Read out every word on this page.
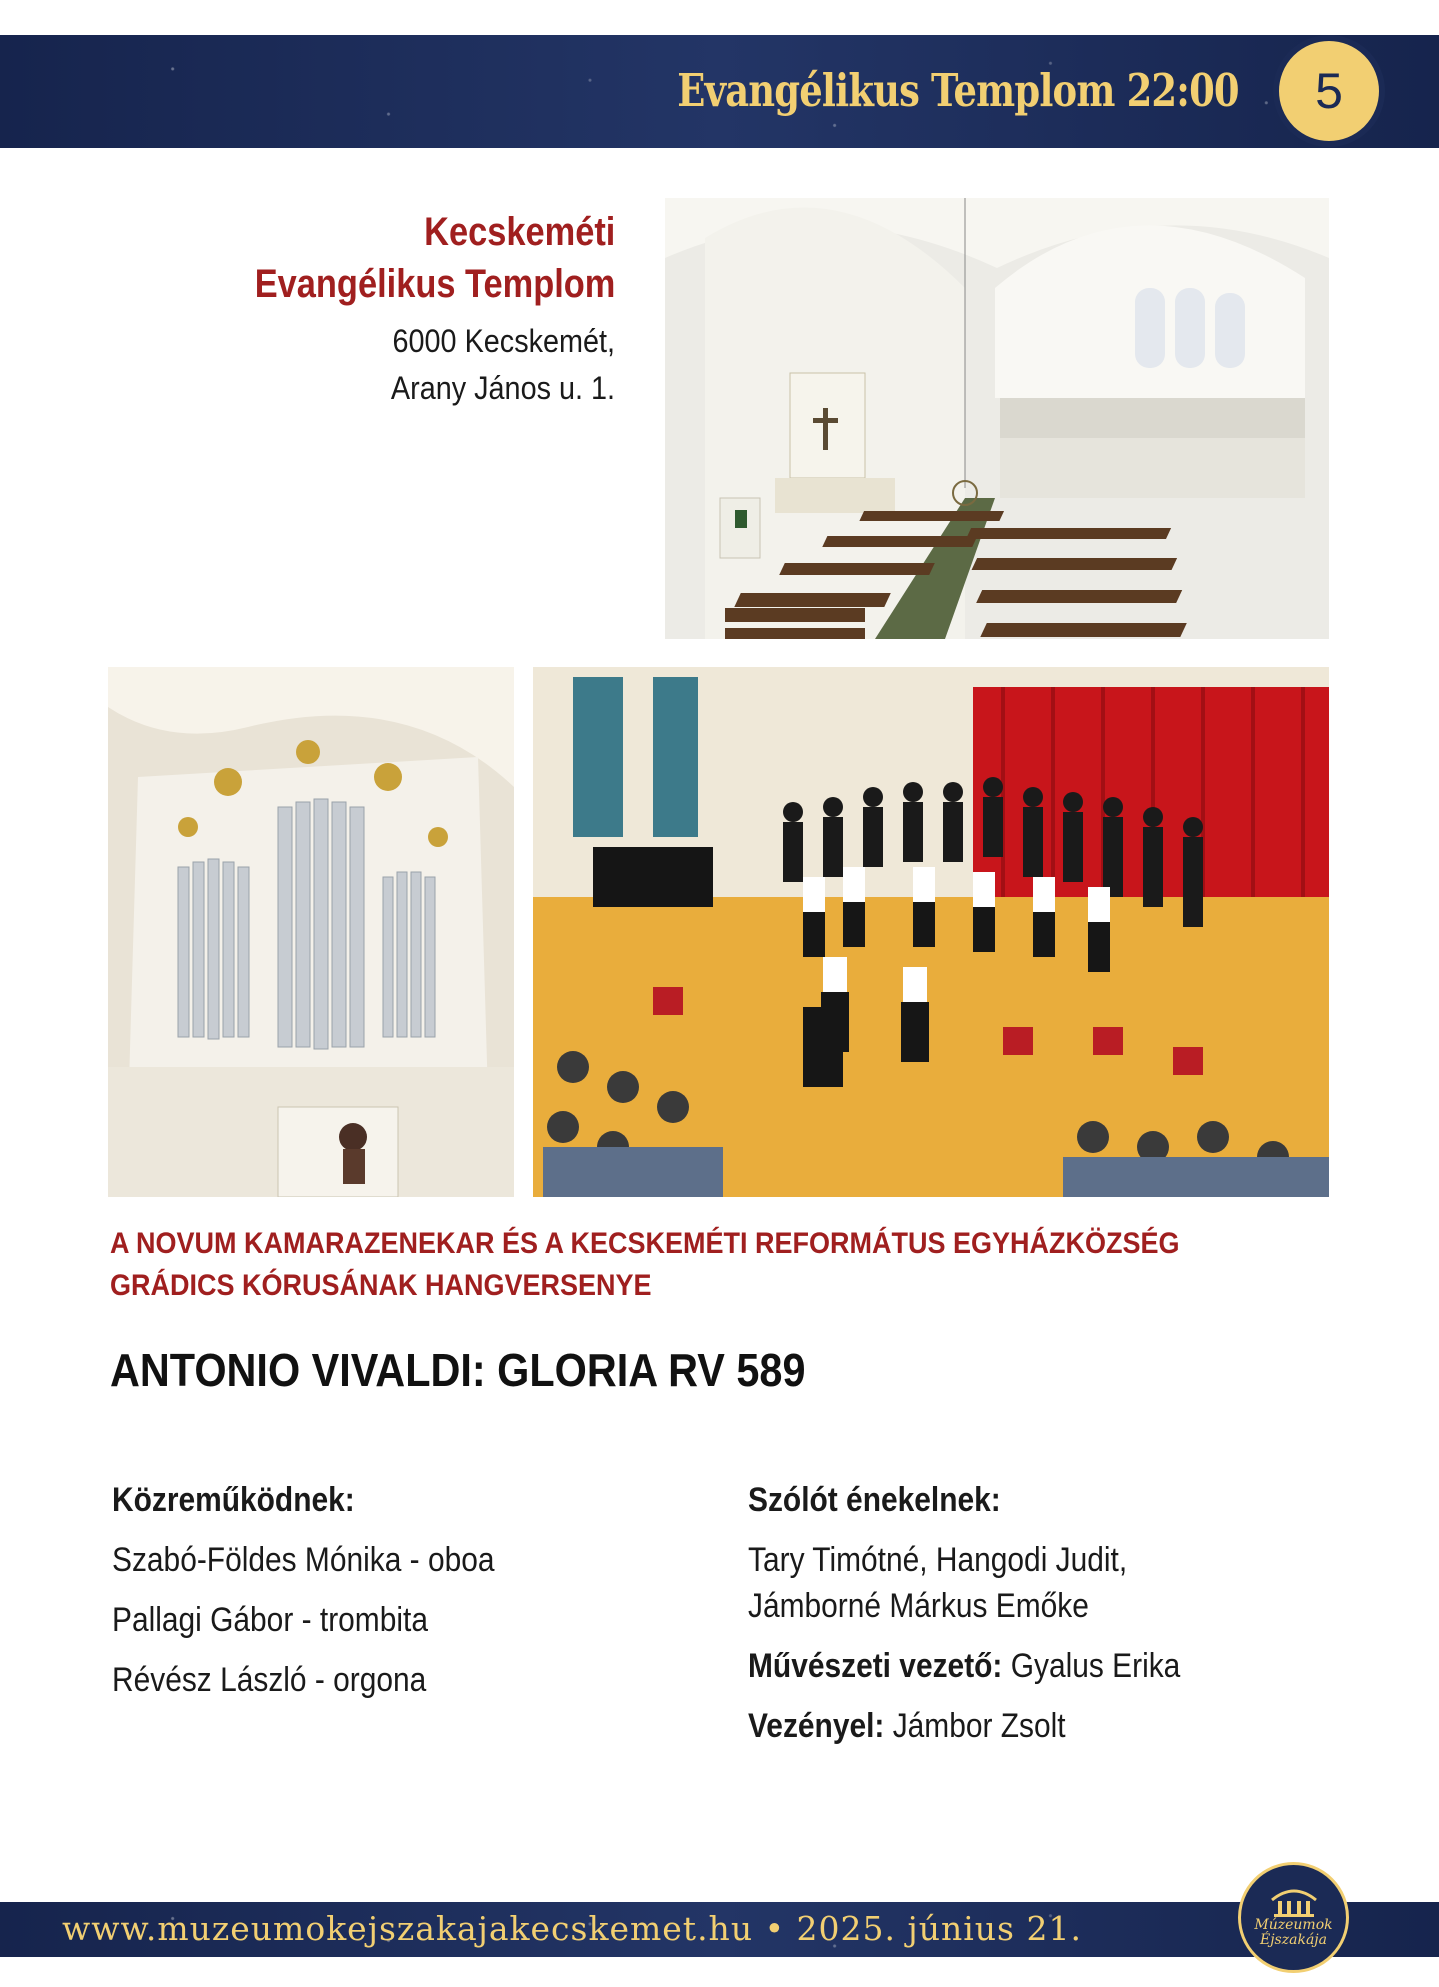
Evangélikus Templom 22:00	5
Kecskeméti
Evangélikus Templom
6000 Kecskemét,
Arany János u. 1.
A NOVUM KAMARAZENEKAR ÉS A KECSKEMÉTI REFORMÁTUS EGYHÁZKÖZSÉG
GRÁDICS KÓRUSÁNAK HANGVERSENYE
ANTONIO VIVALDI: GLORIA RV 589
Közreműködnek:
Szabó-Földes Mónika - oboa
Pallagi Gábor - trombita
Révész László - orgona
Szólót énekelnek:
Tary Timótné, Hangodi Judit,
Jámborné Márkus Emőke
Művészeti vezető: Gyalus Erika
Vezényel: Jámbor Zsolt
www.muzeumokejszakajakecskemet.hu • 2025. június 21.	Múzeumok
Éjszakája
